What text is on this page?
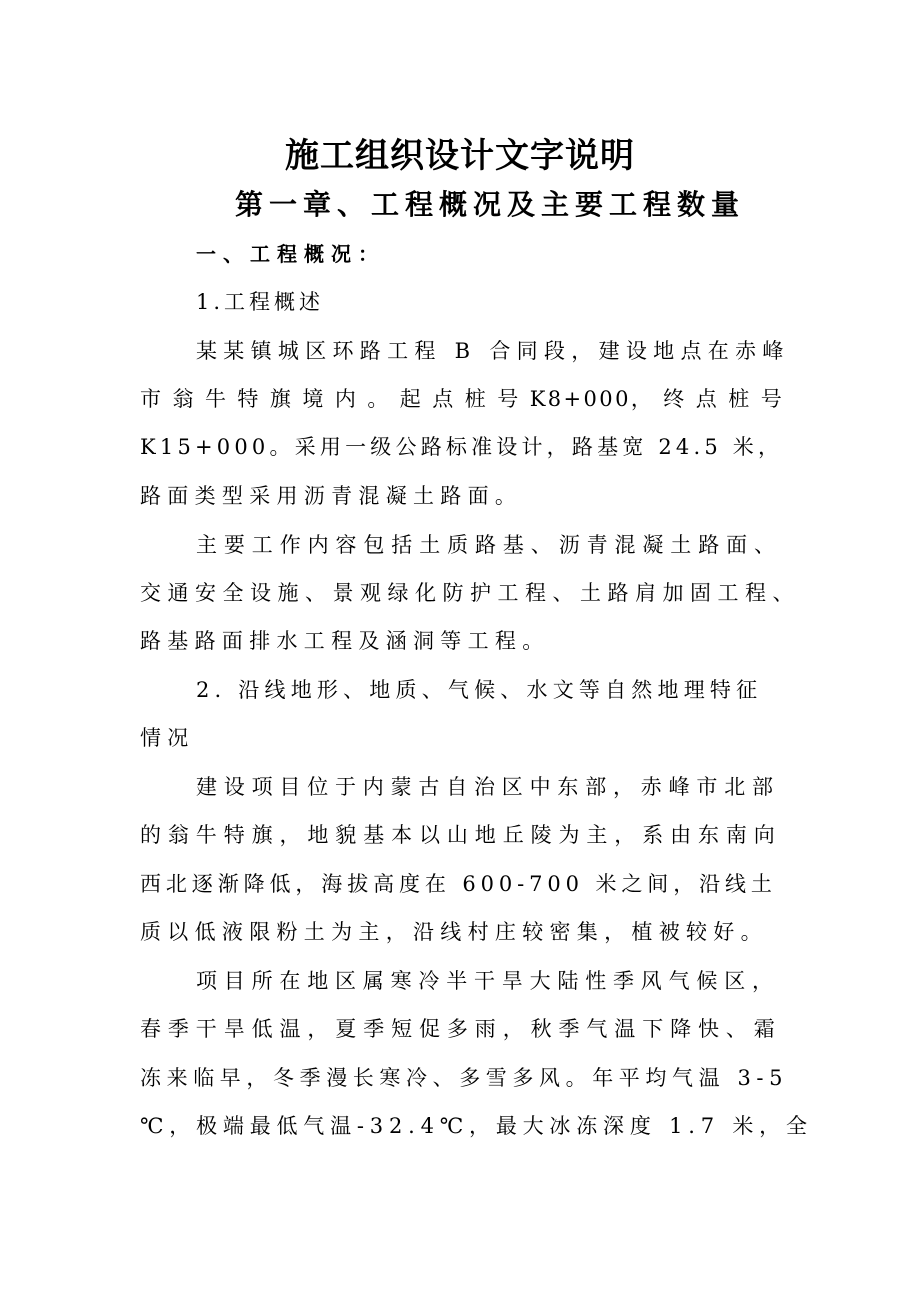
施工组织设计文字说明
第一章、工程概况及主要工程数量
一、工程概况：
1.工程概述
某某镇城区环路工程 B 合同段，建设地点在赤峰
市 翁 牛 特 旗 境 内 。 起 点 桩 号 K8+000， 终 点 桩 号
K15+000。采用一级公路标准设计，路基宽 24.5 米，
路面类型采用沥青混凝土路面。
主要工作内容包括土质路基、沥青混凝土路面、
交通安全设施、景观绿化防护工程、土路肩加固工程、
路基路面排水工程及涵洞等工程。
2. 沿线地形、地质、气候、水文等自然地理特征
情况
建设项目位于内蒙古自治区中东部，赤峰市北部
的翁牛特旗，地貌基本以山地丘陵为主，系由东南向
西北逐渐降低，海拔高度在 600-700 米之间，沿线土
质以低液限粉土为主，沿线村庄较密集，植被较好。
项目所在地区属寒冷半干旱大陆性季风气候区，
春季干旱低温，夏季短促多雨，秋季气温下降快、霜
冻来临早，冬季漫长寒冷、多雪多风。年平均气温 3-5
℃，极端最低气温-32.4℃，最大冰冻深度 1.7 米，全
